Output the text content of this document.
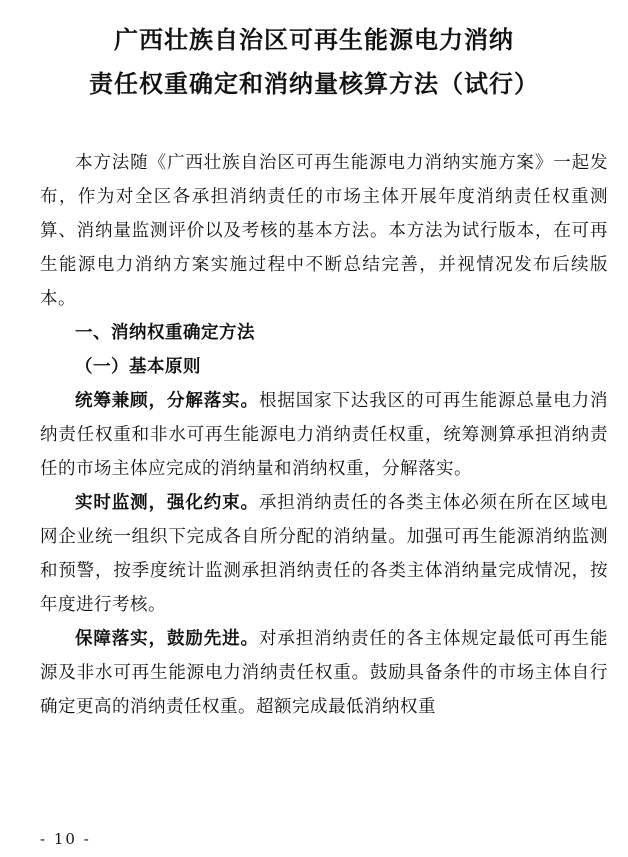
广西壮族自治区可再生能源电力消纳
责任权重确定和消纳量核算方法（试行）

本方法随《广西壮族自治区可再生能源电力消纳实施方案》一起发布，作为对全区各承担消纳责任的市场主体开展年度消纳责任权重测算、消纳量监测评价以及考核的基本方法。本方法为试行版本，在可再生能源电力消纳方案实施过程中不断总结完善，并视情况发布后续版本。

一、消纳权重确定方法

（一）基本原则

统筹兼顾，分解落实。根据国家下达我区的可再生能源总量电力消纳责任权重和非水可再生能源电力消纳责任权重，统筹测算承担消纳责任的市场主体应完成的消纳量和消纳权重，分解落实。

实时监测，强化约束。承担消纳责任的各类主体必须在所在区域电网企业统一组织下完成各自所分配的消纳量。加强可再生能源消纳监测和预警，按季度统计监测承担消纳责任的各类主体消纳量完成情况，按年度进行考核。

保障落实，鼓励先进。对承担消纳责任的各主体规定最低可再生能源及非水可再生能源电力消纳责任权重。鼓励具备条件的市场主体自行确定更高的消纳责任权重。超额完成最低消纳权重

- 10 -
